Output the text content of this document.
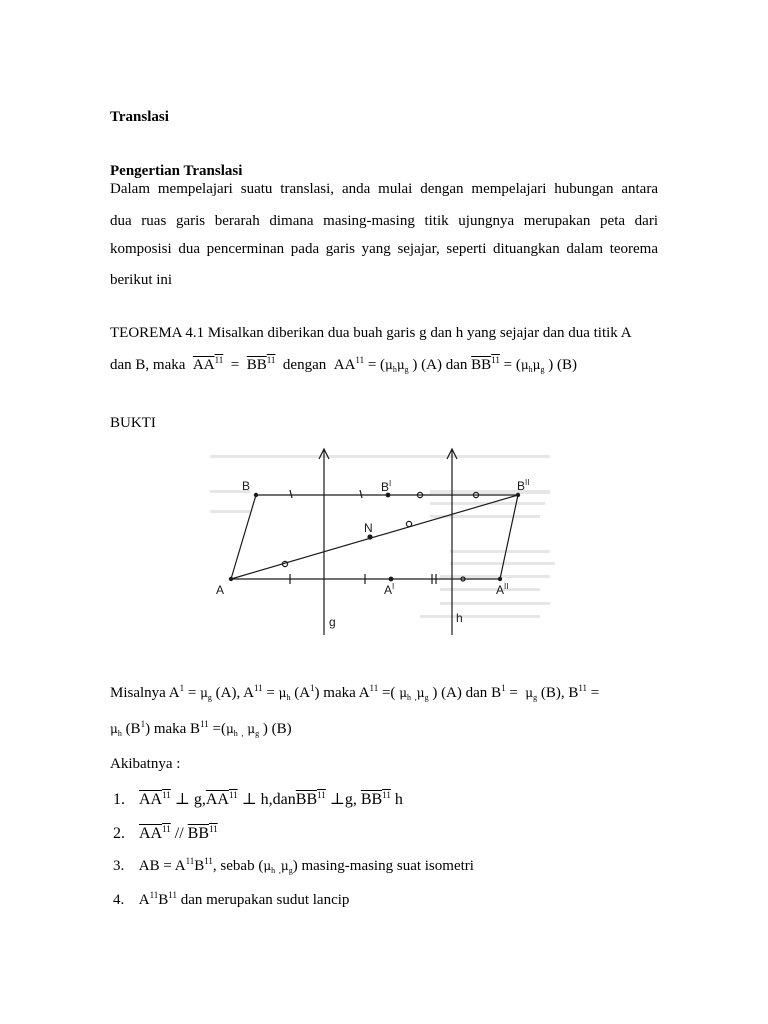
Translasi
Pengertian Translasi
Dalam mempelajari suatu translasi, anda mulai dengan mempelajari hubungan antara
dua ruas garis berarah dimana masing-masing titik ujungnya merupakan peta dari
komposisi dua pencerminan pada garis yang sejajar, seperti dituangkan dalam teorema
berikut ini
TEOREMA 4.1 Misalkan diberikan dua buah garis g dan h yang sejajar dan dua titik A
dan B, maka $AA^{11} = BB^{11}$ dengan $AA^{11} = (\mu_h\mu_g$ ) (A) dan $BB^{11} = (\mu_h\mu_g$ ) (B)
BUKTI
B	$B^I$	$B^{II}$
N
A	$A^I$	$A^{II}$
g	h
Misalnya $A^1 = \mu_g$ (A), $A^{11} = \mu_h$ $(A^1)$ maka $A^{11}$ =( $\mu_h$ $_,\mu_g$ ) (A) dan $B^1 = \mu_g$ (B), $B^{11}$ =
$\mu_h$ $(B^1)$ maka $B^{11} =(\mu_h$ $_,$ $\mu_g$ ) (B)
Akibatnya :
1. AA$^{11}$ ⊥ g,AA$^{11}$ ⊥ h,danBB$^{11}$ ⊥g, BB$^{11}$ h
2. AA$^{11}$ // BB$^{11}$
3. AB = $A^{11}B^{11}$, sebab ($\mu_h$ $_,\mu_g$) masing-masing suat isometri
4. $A^{11}B^{11}$ dan merupakan sudut lancip
